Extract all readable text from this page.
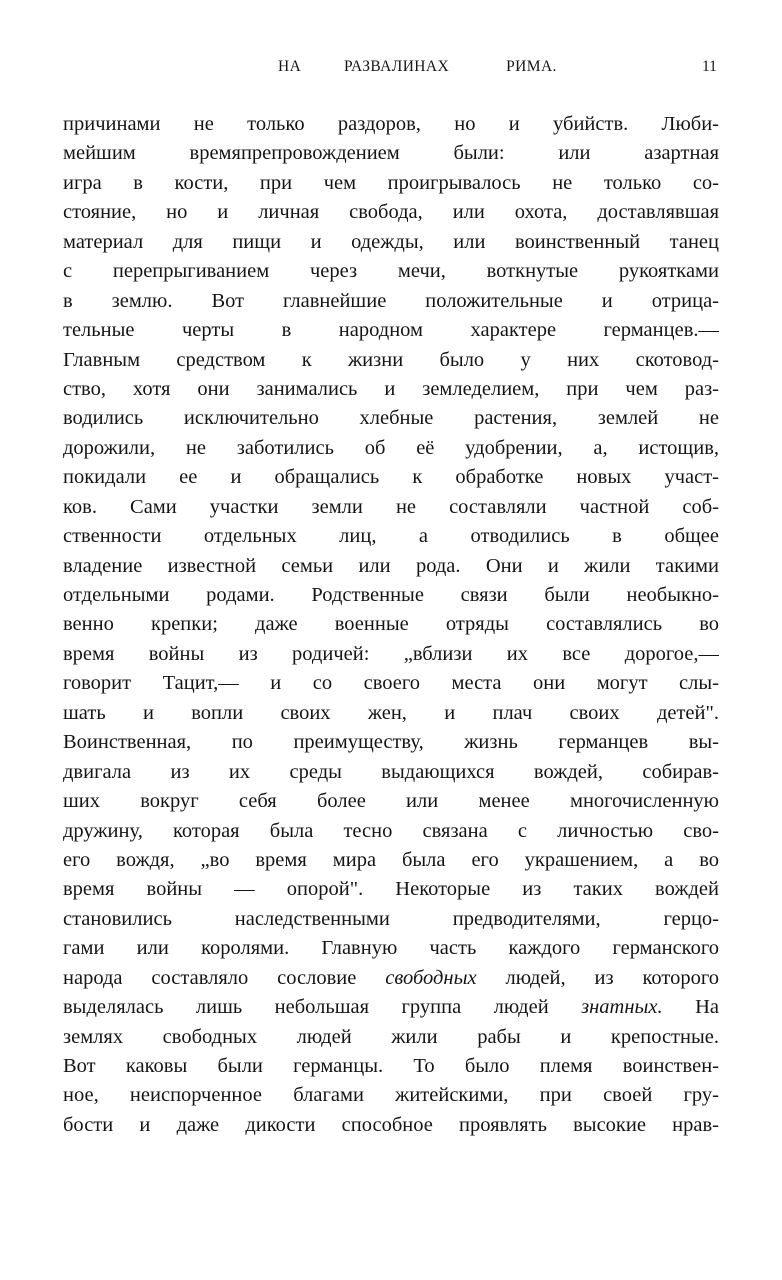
НА   РАЗВАЛИНАХ    РИМА.	11
причинами не только раздоров, но и убийств. Люби-
мейшим времяпрепровождением были: или азартная
игра в кости, при чем проигрывалось не только со-
стояние, но и личная свобода, или охота, доставлявшая
материал для пищи и одежды, или воинственный танец
с перепрыгиванием через мечи, воткнутые рукоятками
в землю. Вот главнейшие положительные и отрица-
тельные черты в народном характере германцев.—
Главным средством к жизни было у них скотовод-
ство, хотя они занимались и земледелием, при чем раз-
водились исключительно хлебные растения, землей не
дорожили, не заботились об её удобрении, а, истощив,
покидали ее и обращались к обработке новых участ-
ков. Сами участки земли не составляли частной соб-
ственности отдельных лиц, а отводились в общее
владение известной семьи или рода. Они и жили такими
отдельными родами. Родственные связи были необыкно-
венно крепки; даже военные отряды составлялись во
время войны из родичей: „вблизи их все дорогое,—
говорит Тацит,— и со своего места они могут слы-
шать и вопли своих жен, и плач своих детей".
Воинственная, по преимуществу, жизнь германцев вы-
двигала из их среды выдающихся вождей, собирав-
ших вокруг себя более или менее многочисленную
дружину, которая была тесно связана с личностью сво-
его вождя, „во время мира была его украшением, а во
время войны — опорой". Некоторые из таких вождей
становились наследственными предводителями, герцо-
гами или королями. Главную часть каждого германского
народа составляло сословие свободных людей, из которого
выделялась лишь небольшая группа людей знатных. На
землях свободных людей жили рабы и крепостные.
Вот каковы были германцы. То было племя воинствен-
ное, неиспорченное благами житейскими, при своей гру-
бости и даже дикости способное проявлять высокие нрав-
